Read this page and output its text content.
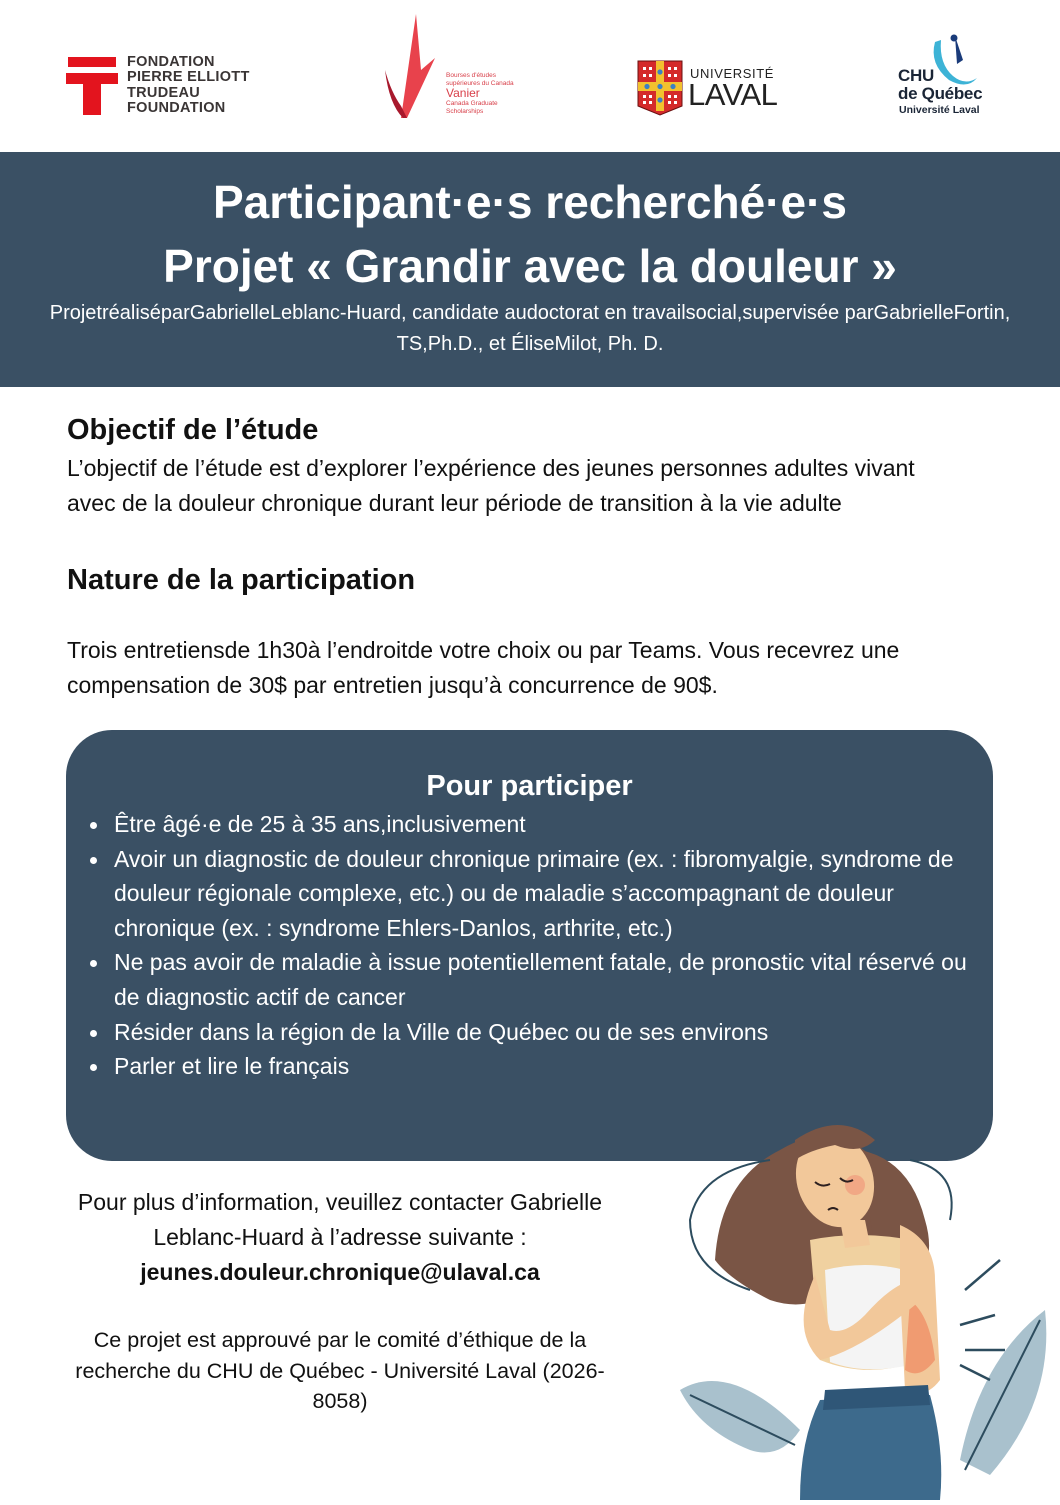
FONDATION
PIERRE ELLIOTT
TRUDEAU
FOUNDATION
Bourses d'études
supérieures du Canada
Vanier
Canada Graduate
Scholarships
UNIVERSITÉ
LAVAL
CHU
de Québec
Université Laval
Participant·e·s recherché·e·s
Projet « Grandir avec la douleur »
ProjetréaliséparGabrielleLeblanc-Huard, candidate audoctorat en travailsocial,supervisée parGabrielleFortin, TS,Ph.D., et ÉliseMilot, Ph. D.
Objectif de l’étude
L’objectif de l’étude est d’explorer l’expérience des jeunes personnes adultes vivant avec de la douleur chronique durant leur période de transition à la vie adulte
Nature de la participation
Trois entretiensde 1h30à l’endroitde votre choix ou par Teams. Vous recevrez une compensation de 30$ par entretien jusqu’à concurrence de 90$.
Pour participer
Être âgé·e de 25 à 35 ans,inclusivement
Avoir un diagnostic de douleur chronique primaire (ex. : fibromyalgie, syndrome de douleur régionale complexe, etc.) ou de maladie s’accompagnant de douleur chronique (ex. : syndrome Ehlers-Danlos, arthrite, etc.)
Ne pas avoir de maladie à issue potentiellement fatale, de pronostic vital réservé ou de diagnostic actif de cancer
Résider dans la région de la Ville de Québec ou de ses environs
Parler et lire le français
Pour plus d’information, veuillez contacter Gabrielle Leblanc-Huard à l’adresse suivante :
jeunes.douleur.chronique@ulaval.ca
Ce projet est approuvé par le comité d’éthique de la recherche du CHU de Québec - Université Laval (2026-8058)
